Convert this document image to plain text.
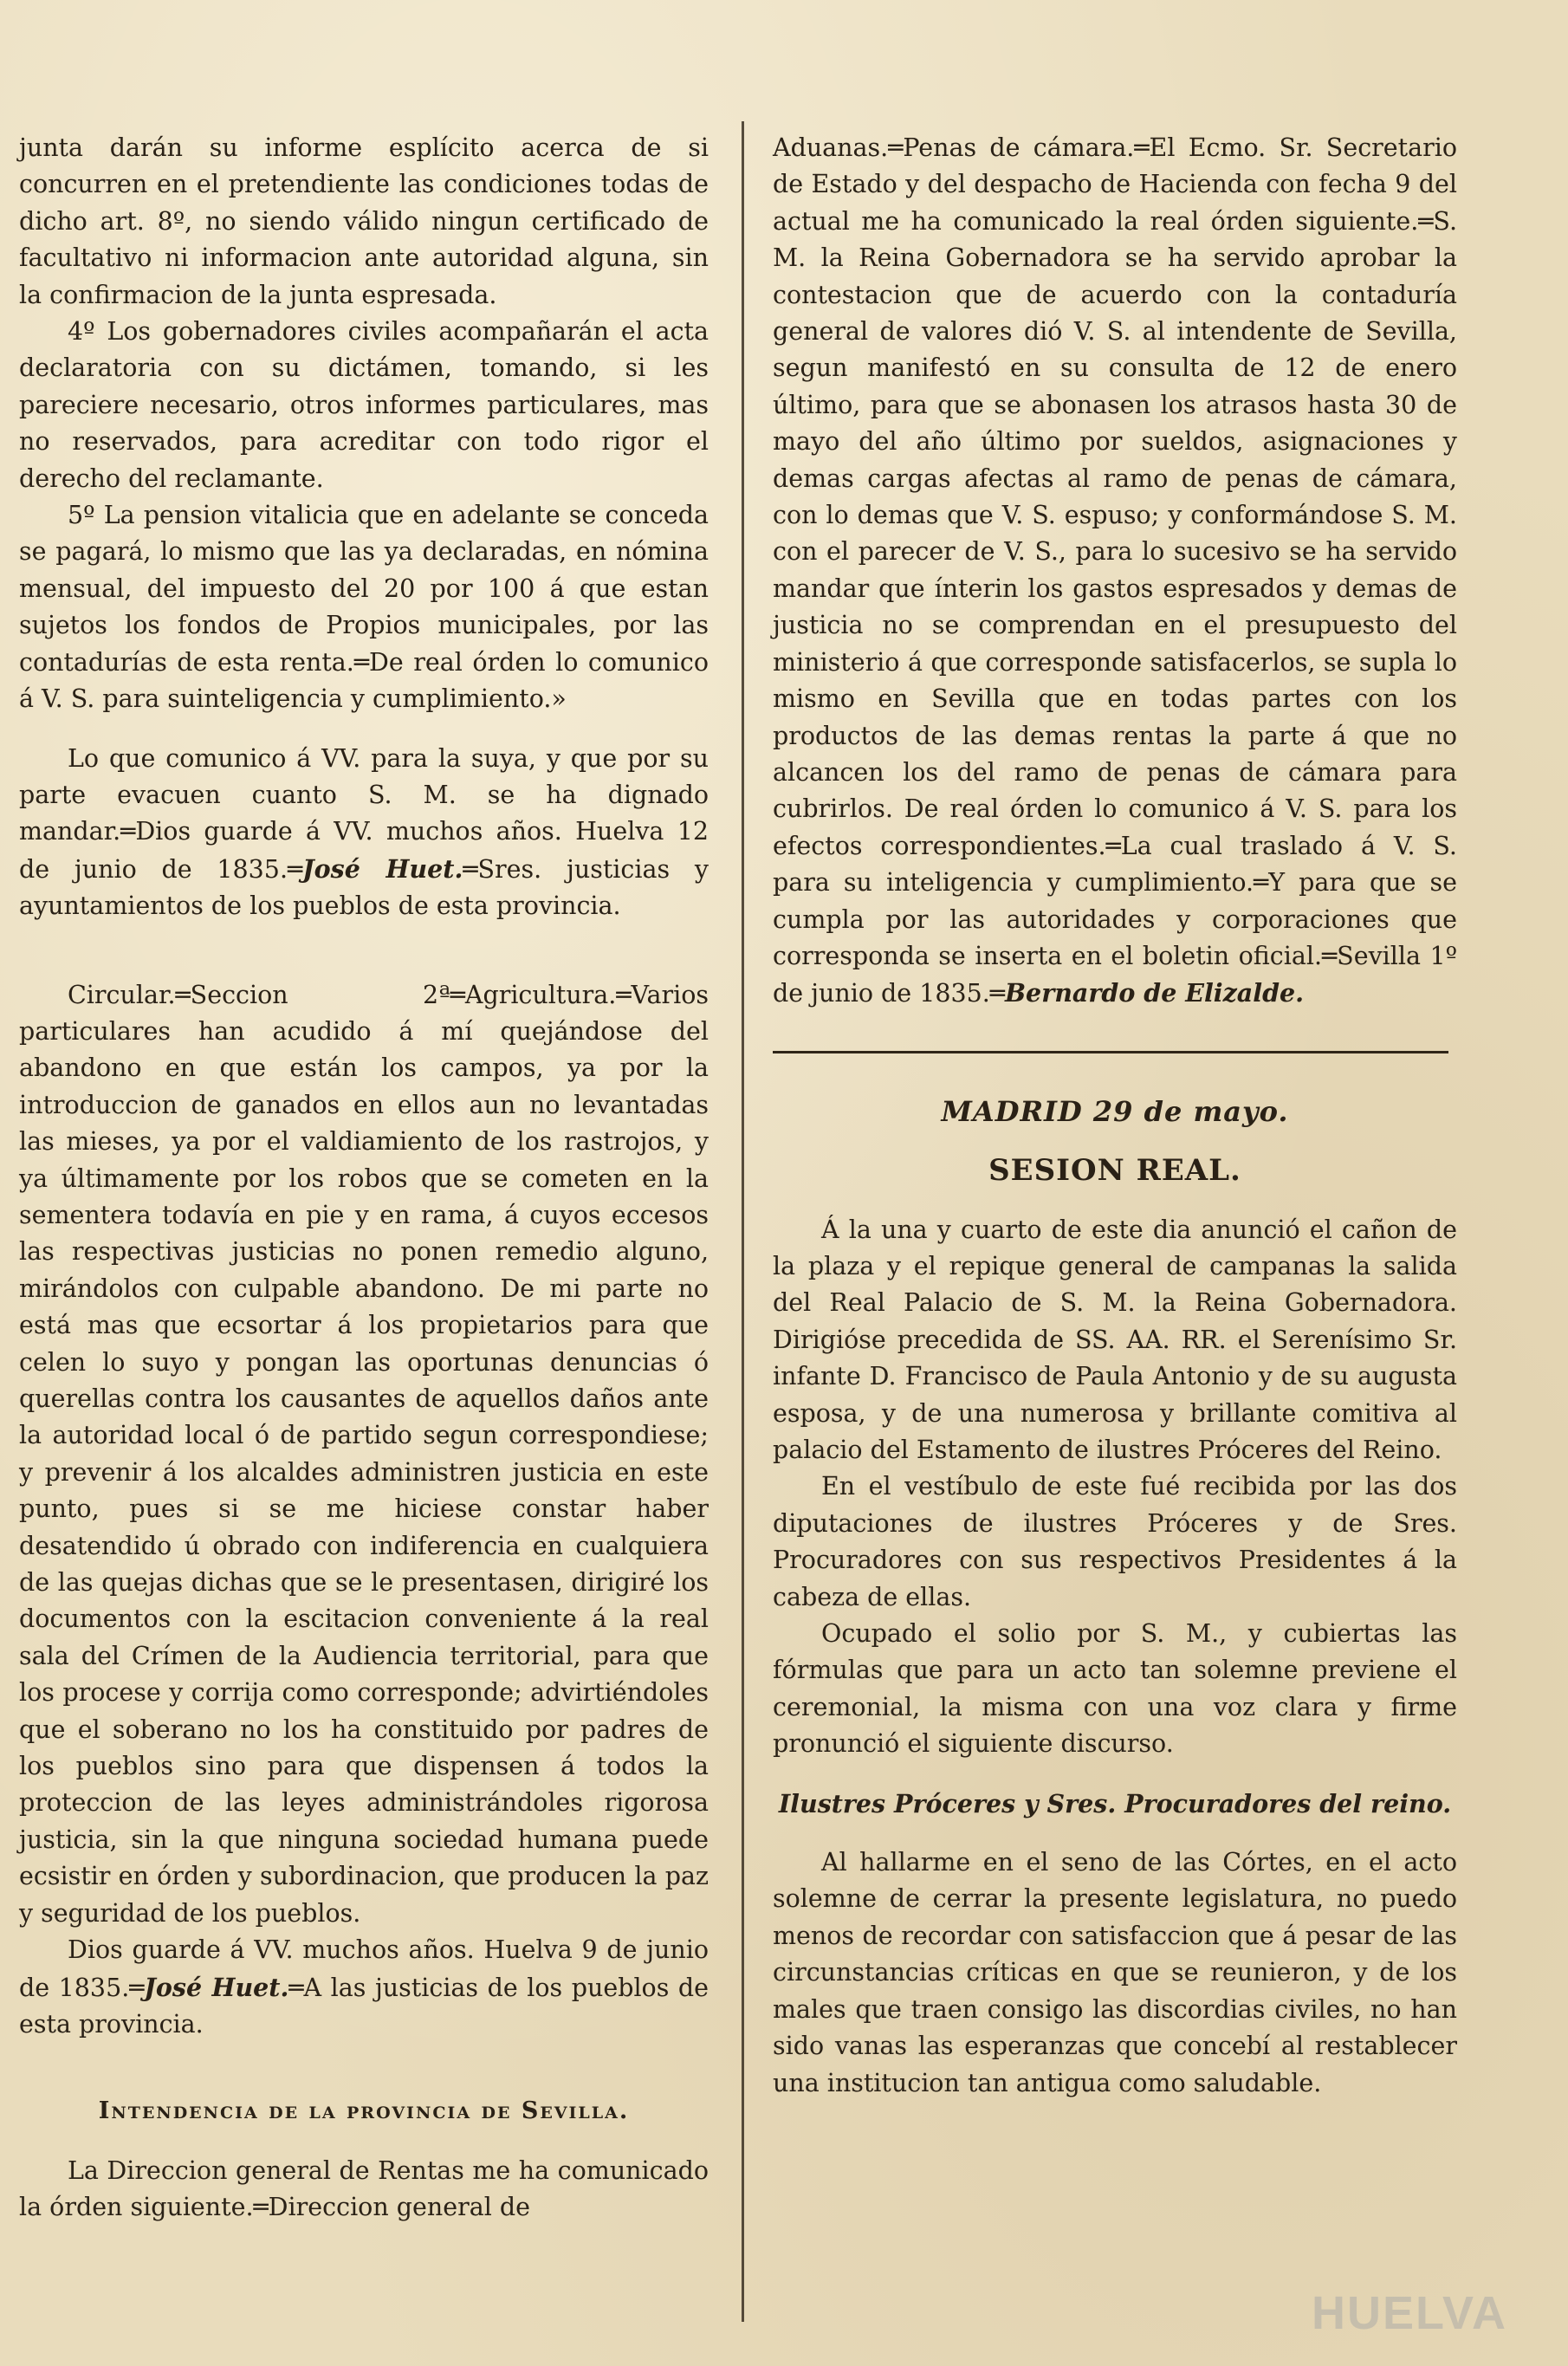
junta darán su informe esplícito acerca de si concurren en el pretendiente las condiciones todas de dicho art. 8º, no siendo válido ningun certificado de facultativo ni informacion ante autoridad alguna, sin la confirmacion de la junta espresada.

4º Los gobernadores civiles acompañarán el acta declaratoria con su dictámen, tomando, si les pareciere necesario, otros informes particulares, mas no reservados, para acreditar con todo rigor el derecho del reclamante.

5º La pension vitalicia que en adelante se conceda se pagará, lo mismo que las ya declaradas, en nómina mensual, del impuesto del 20 por 100 á que estan sujetos los fondos de Propios municipales, por las contadurías de esta renta.═De real órden lo comunico á V. S. para suinteligencia y cumplimiento.»

Lo que comunico á VV. para la suya, y que por su parte evacuen cuanto S. M. se ha dignado mandar.═Dios guarde á VV. muchos años. Huelva 12 de junio de 1835.═José Huet.═Sres. justicias y ayuntamientos de los pueblos de esta provincia.

Circular.═Seccion 2ª═Agricultura.═Varios particulares han acudido á mí quejándose del abandono en que están los campos, ya por la introduccion de ganados en ellos aun no levantadas las mieses, ya por el valdiamiento de los rastrojos, y ya últimamente por los robos que se cometen en la sementera todavía en pie y en rama, á cuyos ecсesos las respectivas justicias no ponen remedio alguno, mirándolos con culpable abandono. De mi parte no está mas que ecsortar á los propietarios para que celen lo suyo y pongan las oportunas denuncias ó querellas contra los causantes de aquellos daños ante la autoridad local ó de partido segun correspondiese; y prevenir á los alcaldes administren justicia en este punto, pues si se me hiciese constar haber desatendido ú obrado con indiferencia en cualquiera de las quejas dichas que se le presentasen, dirigiré los documentos con la escitacion conveniente á la real sala del Crímen de la Audiencia territorial, para que los procese y corrija como corresponde; advirtiéndoles que el soberano no los ha constituido por padres de los pueblos sino para que dispensen á todos la proteccion de las leyes administrándoles rigorosa justicia, sin la que ninguna sociedad humana puede ecsistir en órden y subordinacion, que producen la paz y seguridad de los pueblos.

Dios guarde á VV. muchos años. Huelva 9 de junio de 1835.═José Huet.═A las justicias de los pueblos de esta provincia.

Intendencia de la provincia de Sevilla.

La Direccion general de Rentas me ha comunicado la órden siguiente.═Direccion general de

Aduanas.═Penas de cámara.═El Ecmo. Sr. Secretario de Estado y del despacho de Hacienda con fecha 9 del actual me ha comunicado la real órden siguiente.═S. M. la Reina Gobernadora se ha servido aprobar la contestacion que de acuerdo con la contaduría general de valores dió V. S. al intendente de Sevilla, segun manifestó en su consulta de 12 de enero último, para que se abonasen los atrasos hasta 30 de mayo del año último por sueldos, asignaciones y demas cargas afectas al ramo de penas de cámara, con lo demas que V. S. espuso; y conformándose S. M. con el parecer de V. S., para lo sucesivo se ha servido mandar que ínterin los gastos espresados y demas de justicia no se comprendan en el presupuesto del ministerio á que corresponde satisfacerlos, se supla lo mismo en Sevilla que en todas partes con los productos de las demas rentas la parte á que no alcancen los del ramo de penas de cámara para cubrirlos. De real órden lo comunico á V. S. para los efectos correspondientes.═La cual traslado á V. S. para su inteligencia y cumplimiento.═Y para que se cumpla por las autoridades y corporaciones que corresponda se inserta en el boletin oficial.═Sevilla 1º de junio de 1835.═Bernardo de Elizalde.

MADRID 29 de mayo.

SESION REAL.

Á la una y cuarto de este dia anunció el cañon de la plaza y el repique general de campanas la salida del Real Palacio de S. M. la Reina Gobernadora. Dirigióse precedida de SS. AA. RR. el Serenísimo Sr. infante D. Francisco de Paula Antonio y de su augusta esposa, y de una numerosa y brillante comitiva al palacio del Estamento de ilustres Próceres del Reino.

En el vestíbulo de este fué recibida por las dos diputaciones de ilustres Próceres y de Sres. Procuradores con sus respectivos Presidentes á la cabeza de ellas.

Ocupado el solio por S. M., y cubiertas las fórmulas que para un acto tan solemne previene el ceremonial, la misma con una voz clara y firme pronunció el siguiente discurso.

Ilustres Próceres y Sres. Procuradores del reino.

Al hallarme en el seno de las Córtes, en el acto solemne de cerrar la presente legislatura, no puedo menos de recordar con satisfaccion que á pesar de las circunstancias críticas en que se reunieron, y de los males que traen consigo las discordias civiles, no han sido vanas las esperanzas que concebí al restablecer una institucion tan antigua como saludable.

HUELVA
